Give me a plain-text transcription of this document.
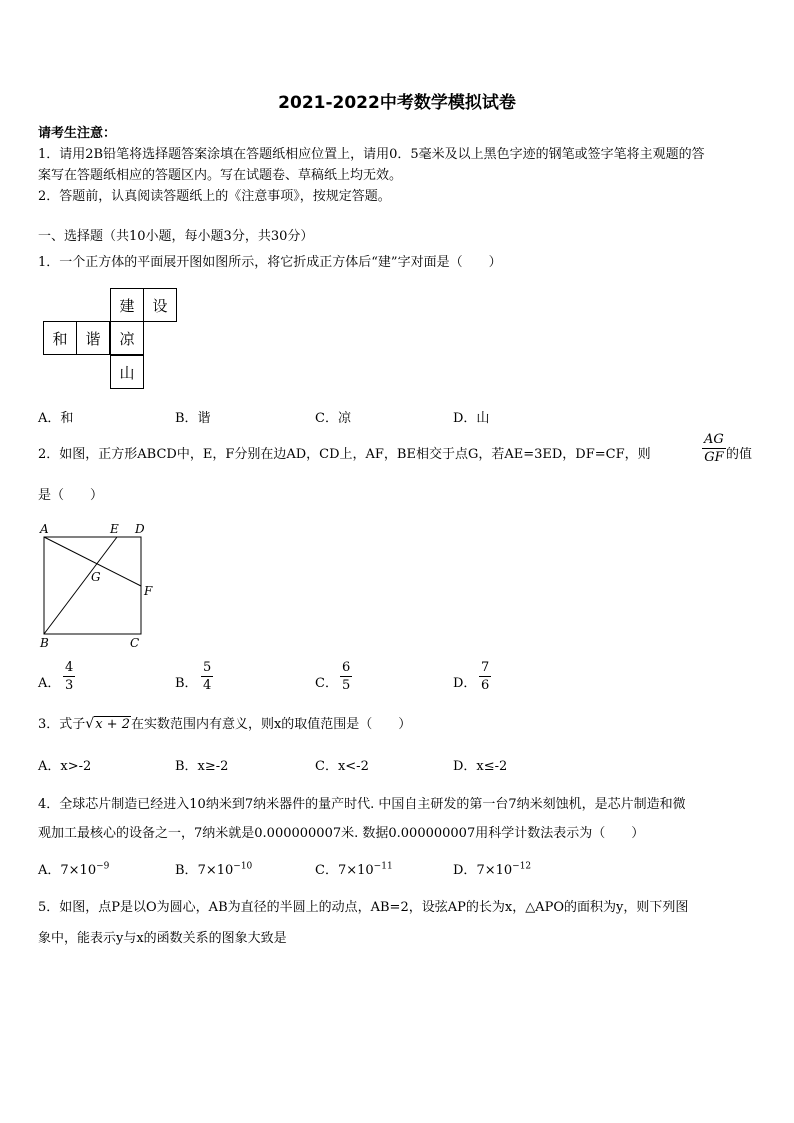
2021-2022中考数学模拟试卷
请考生注意：
1．请用2B铅笔将选择题答案涂填在答题纸相应位置上，请用0．5毫米及以上黑色字迹的钢笔或签字笔将主观题的答
案写在答题纸相应的答题区内。写在试题卷、草稿纸上均无效。
2．答题前，认真阅读答题纸上的《注意事项》，按规定答题。
一、选择题（共10小题，每小题3分，共30分）
1．一个正方体的平面展开图如图所示，将它折成正方体后“建”字对面是（　　）
建	设
和	谐	凉
山
A．和	B．谐	C．凉	D．山
2．如图，正方形ABCD中，E，F分别在边AD，CD上，AF，BE相交于点G，若AE=3ED，DF=CF，则	$\frac{AG}{GF}$ 的值
是（　　）
A	E D
G
F
B	C
A． $\frac{4}{3}$	B． $\frac{5}{4}$	C． $\frac{6}{5}$	D． $\frac{7}{6}$
3．式子√x + 2在实数范围内有意义，则x的取值范围是（　　）
A．x>-2	B．x≥-2	C．x<-2	D．x≤-2
4．全球芯片制造已经进入10纳米到7纳米器件的量产时代. 中国自主研发的第一台7纳米刻蚀机，是芯片制造和微
观加工最核心的设备之一，7纳米就是0.000000007米. 数据0.000000007用科学计数法表示为（　　）
A．$7\times 10^{-9}$	B．$7\times 10^{-10}$	C．$7\times 10^{-11}$	D．$7\times 10^{-12}$
5．如图，点P是以O为圆心，AB为直径的半圆上的动点，AB=2，设弦AP的长为x，△APO的面积为y，则下列图
象中，能表示y与x的函数关系的图象大致是
